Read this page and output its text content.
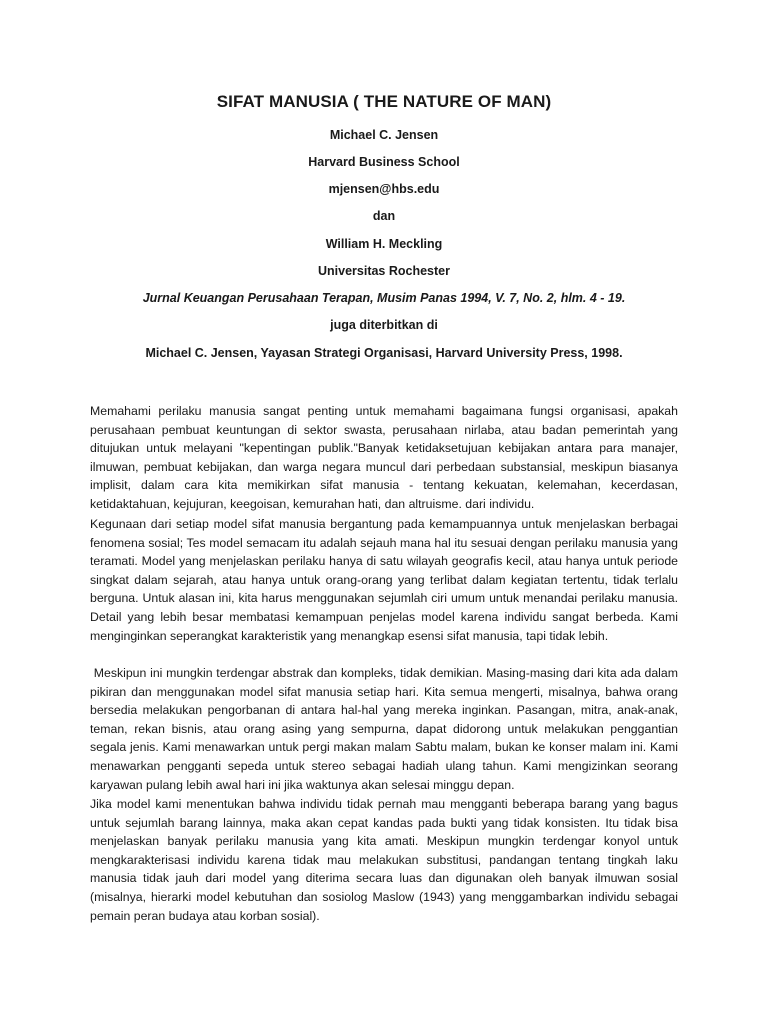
SIFAT MANUSIA ( THE NATURE OF MAN)
Michael C. Jensen
Harvard Business School
mjensen@hbs.edu
dan
William H. Meckling
Universitas Rochester
Jurnal Keuangan Perusahaan Terapan, Musim Panas 1994, V. 7, No. 2, hlm. 4 - 19.
juga diterbitkan di
Michael C. Jensen, Yayasan Strategi Organisasi, Harvard University Press, 1998.

Memahami perilaku manusia sangat penting untuk memahami bagaimana fungsi organisasi, apakah perusahaan pembuat keuntungan di sektor swasta, perusahaan nirlaba, atau badan pemerintah yang ditujukan untuk melayani "kepentingan publik."Banyak ketidaksetujuan kebijakan antara para manajer, ilmuwan, pembuat kebijakan, dan warga negara muncul dari perbedaan substansial, meskipun biasanya implisit, dalam cara kita memikirkan sifat manusia - tentang kekuatan, kelemahan, kecerdasan, ketidaktahuan, kejujuran, keegoisan, kemurahan hati, dan altruisme. dari individu.

Kegunaan dari setiap model sifat manusia bergantung pada kemampuannya untuk menjelaskan berbagai fenomena sosial; Tes model semacam itu adalah sejauh mana hal itu sesuai dengan perilaku manusia yang teramati. Model yang menjelaskan perilaku hanya di satu wilayah geografis kecil, atau hanya untuk periode singkat dalam sejarah, atau hanya untuk orang-orang yang terlibat dalam kegiatan tertentu, tidak terlalu berguna. Untuk alasan ini, kita harus menggunakan sejumlah ciri umum untuk menandai perilaku manusia. Detail yang lebih besar membatasi kemampuan penjelas model karena individu sangat berbeda. Kami menginginkan seperangkat karakteristik yang menangkap esensi sifat manusia, tapi tidak lebih.

Meskipun ini mungkin terdengar abstrak dan kompleks, tidak demikian. Masing-masing dari kita ada dalam pikiran dan menggunakan model sifat manusia setiap hari. Kita semua mengerti, misalnya, bahwa orang bersedia melakukan pengorbanan di antara hal-hal yang mereka inginkan. Pasangan, mitra, anak-anak, teman, rekan bisnis, atau orang asing yang sempurna, dapat didorong untuk melakukan penggantian segala jenis. Kami menawarkan untuk pergi makan malam Sabtu malam, bukan ke konser malam ini. Kami menawarkan pengganti sepeda untuk stereo sebagai hadiah ulang tahun. Kami mengizinkan seorang karyawan pulang lebih awal hari ini jika waktunya akan selesai minggu depan.

Jika model kami menentukan bahwa individu tidak pernah mau mengganti beberapa barang yang bagus untuk sejumlah barang lainnya, maka akan cepat kandas pada bukti yang tidak konsisten. Itu tidak bisa menjelaskan banyak perilaku manusia yang kita amati. Meskipun mungkin terdengar konyol untuk mengkarakterisasi individu karena tidak mau melakukan substitusi, pandangan tentang tingkah laku manusia tidak jauh dari model yang diterima secara luas dan digunakan oleh banyak ilmuwan sosial (misalnya, hierarki model kebutuhan dan sosiolog Maslow (1943) yang menggambarkan individu sebagai pemain peran budaya atau korban sosial).
